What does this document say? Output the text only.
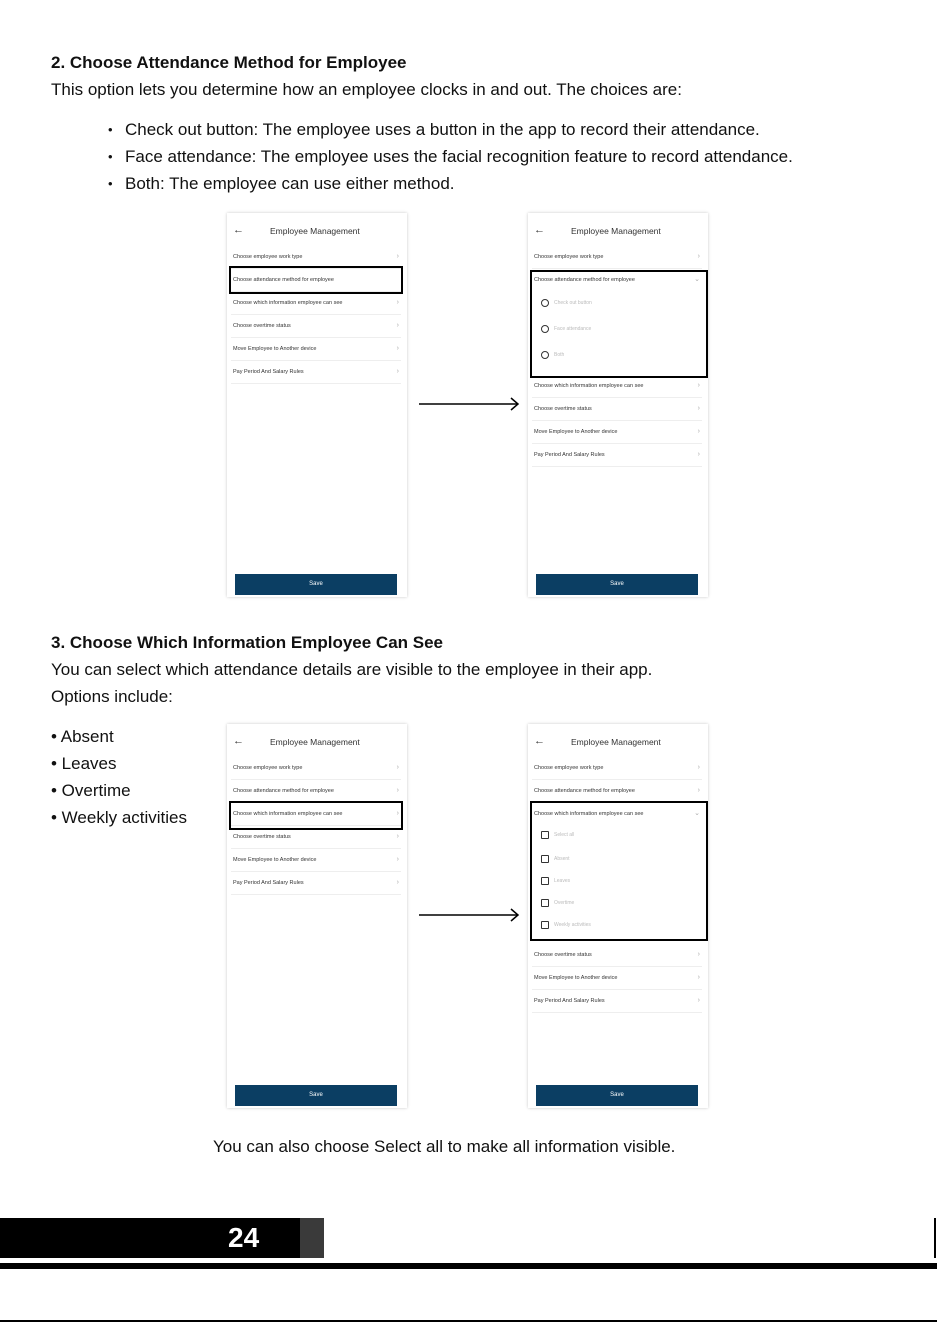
2. Choose Attendance Method for Employee
This option lets you determine how an employee clocks in and out. The choices are:
• Check out button: The employee uses a button in the app to record their attendance.
• Face attendance: The employee uses the facial recognition feature to record attendance.
• Both: The employee can use either method.
←	Employee Management
Choose employee work type	›
Choose attendance method for employee
Choose which information employee can see	›
Choose overtime status	›
Move Employee to Another device	›
Pay Period And Salary Rules	›
Save
←	Employee Management
Choose employee work type	›
Choose attendance method for employee	⌄
Check out button
Face attendance
Both
Choose which information employee can see	›
Choose overtime status	›
Move Employee to Another device	›
Pay Period And Salary Rules	›
Save
3. Choose Which Information Employee Can See
You can select which attendance details are visible to the employee in their app.
Options include:
• Absent
• Leaves
• Overtime
• Weekly activities
←	Employee Management
Choose employee work type	›
Choose attendance method for employee	›
Choose which information employee can see	›
Choose overtime status	›
Move Employee to Another device	›
Pay Period And Salary Rules	›
Save
←	Employee Management
Choose employee work type	›
Choose attendance method for employee	›
Choose which information employee can see	⌄
Select all
Absent
Leaves
Overtime
Weekly activities
Choose overtime status	›
Move Employee to Another device	›
Pay Period And Salary Rules	›
Save
You can also choose Select all to make all information visible.
24
